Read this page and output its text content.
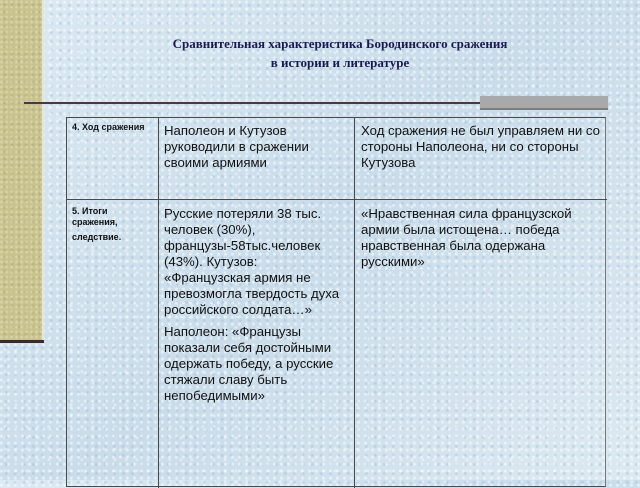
Сравнительная характеристика Бородинского сражения
в истории и литературе
4. Ход сражения	Наполеон и Кутузов руководили в сражении своими армиями
Ход сражения не был управляем ни со стороны Наполеона, ни со стороны Кутузова
5. Итоги сражения,
следствие.

Русские потеряли 38 тыс. человек (30%), французы-58тыс.человек (43%). Кутузов: «Французская армия не превозмогла твердость духа российского солдата…»

Наполеон: «Французы показали себя достойными одержать победу, а русские стяжали славу быть непобедимыми»

«Нравственная сила французской армии была истощена… победа нравственная была одержана русскими»
